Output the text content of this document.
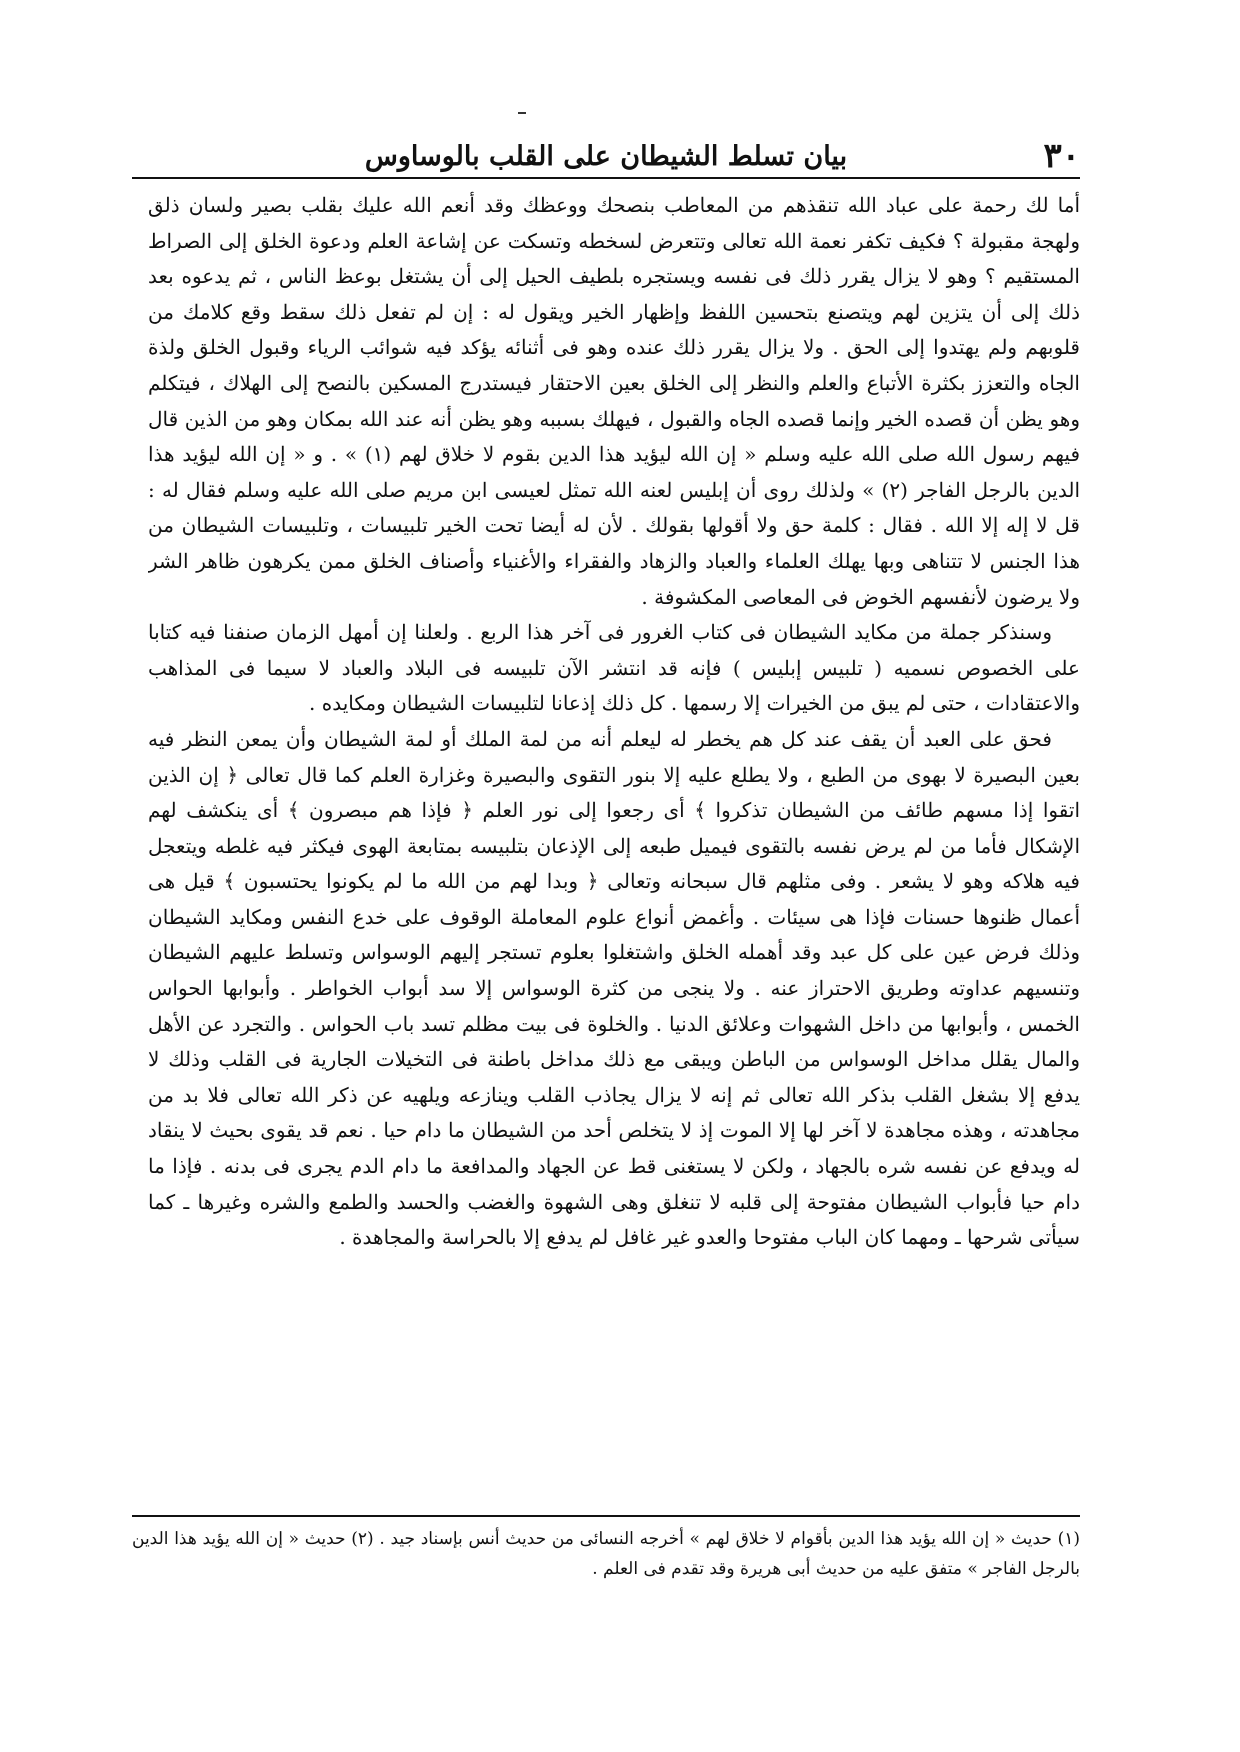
٣٠
بيان تسلط الشيطان على القلب بالوساوس

أما لك رحمة على عباد الله تنقذهم من المعاطب بنصحك ووعظك وقد أنعم الله عليك بقلب بصير ولسان ذلق ولهجة مقبولة ؟ فكيف تكفر نعمة الله تعالى وتتعرض لسخطه وتسكت عن إشاعة العلم ودعوة الخلق إلى الصراط المستقيم ؟ وهو لا يزال يقرر ذلك فى نفسه ويستجره بلطيف الحيل إلى أن يشتغل بوعظ الناس ، ثم يدعوه بعد ذلك إلى أن يتزين لهم ويتصنع بتحسين اللفظ وإظهار الخير ويقول له : إن لم تفعل ذلك سقط وقع كلامك من قلوبهم ولم يهتدوا إلى الحق . ولا يزال يقرر ذلك عنده وهو فى أثنائه يؤكد فيه شوائب الرياء وقبول الخلق ولذة الجاه والتعزز بكثرة الأتباع والعلم والنظر إلى الخلق بعين الاحتقار فيستدرج المسكين بالنصح إلى الهلاك ، فيتكلم وهو يظن أن قصده الخير وإنما قصده الجاه والقبول ، فيهلك بسببه وهو يظن أنه عند الله بمكان وهو من الذين قال فيهم رسول الله صلى الله عليه وسلم « إن الله ليؤيد هذا الدين بقوم لا خلاق لهم (١) » . و « إن الله ليؤيد هذا الدين بالرجل الفاجر (٢) » ولذلك روى أن إبليس لعنه الله تمثل لعيسى ابن مريم صلى الله عليه وسلم فقال له : قل لا إله إلا الله . فقال : كلمة حق ولا أقولها بقولك . لأن له أيضا تحت الخير تلبيسات ، وتلبيسات الشيطان من هذا الجنس لا تتناهى وبها يهلك العلماء والعباد والزهاد والفقراء والأغنياء وأصناف الخلق ممن يكرهون ظاهر الشر ولا يرضون لأنفسهم الخوض فى المعاصى المكشوفة .

وسنذكر جملة من مكايد الشيطان فى كتاب الغرور فى آخر هذا الربع . ولعلنا إن أمهل الزمان صنفنا فيه كتابا على الخصوص نسميه ( تلبيس إبليس ) فإنه قد انتشر الآن تلبيسه فى البلاد والعباد لا سيما فى المذاهب والاعتقادات ، حتى لم يبق من الخيرات إلا رسمها . كل ذلك إذعانا لتلبيسات الشيطان ومكايده .

فحق على العبد أن يقف عند كل هم يخطر له ليعلم أنه من لمة الملك أو لمة الشيطان وأن يمعن النظر فيه بعين البصيرة لا بهوى من الطبع ، ولا يطلع عليه إلا بنور التقوى والبصيرة وغزارة العلم كما قال تعالى ﴿ إن الذين اتقوا إذا مسهم طائف من الشيطان تذكروا ﴾ أى رجعوا إلى نور العلم ﴿ فإذا هم مبصرون ﴾ أى ينكشف لهم الإشكال فأما من لم يرض نفسه بالتقوى فيميل طبعه إلى الإذعان بتلبيسه بمتابعة الهوى فيكثر فيه غلطه ويتعجل فيه هلاكه وهو لا يشعر . وفى مثلهم قال سبحانه وتعالى ﴿ وبدا لهم من الله ما لم يكونوا يحتسبون ﴾ قيل هى أعمال ظنوها حسنات فإذا هى سيئات . وأغمض أنواع علوم المعاملة الوقوف على خدع النفس ومكايد الشيطان وذلك فرض عين على كل عبد وقد أهمله الخلق واشتغلوا بعلوم تستجر إليهم الوسواس وتسلط عليهم الشيطان وتنسيهم عداوته وطريق الاحتراز عنه . ولا ينجى من كثرة الوسواس إلا سد أبواب الخواطر . وأبوابها الحواس الخمس ، وأبوابها من داخل الشهوات وعلائق الدنيا . والخلوة فى بيت مظلم تسد باب الحواس . والتجرد عن الأهل والمال يقلل مداخل الوسواس من الباطن ويبقى مع ذلك مداخل باطنة فى التخيلات الجارية فى القلب وذلك لا يدفع إلا بشغل القلب بذكر الله تعالى ثم إنه لا يزال يجاذب القلب وينازعه ويلهيه عن ذكر الله تعالى فلا بد من مجاهدته ، وهذه مجاهدة لا آخر لها إلا الموت إذ لا يتخلص أحد من الشيطان ما دام حيا . نعم قد يقوى بحيث لا ينقاد له ويدفع عن نفسه شره بالجهاد ، ولكن لا يستغنى قط عن الجهاد والمدافعة ما دام الدم يجرى فى بدنه . فإذا ما دام حيا فأبواب الشيطان مفتوحة إلى قلبه لا تنغلق وهى الشهوة والغضب والحسد والطمع والشره وغيرها ـ كما سيأتى شرحها ـ ومهما كان الباب مفتوحا والعدو غير غافل لم يدفع إلا بالحراسة والمجاهدة .

(١) حديث « إن الله يؤيد هذا الدين بأقوام لا خلاق لهم » أخرجه النسائى من حديث أنس بإسناد جيد . (٢) حديث « إن الله يؤيد هذا الدين بالرجل الفاجر » متفق عليه من حديث أبى هريرة وقد تقدم فى العلم .
